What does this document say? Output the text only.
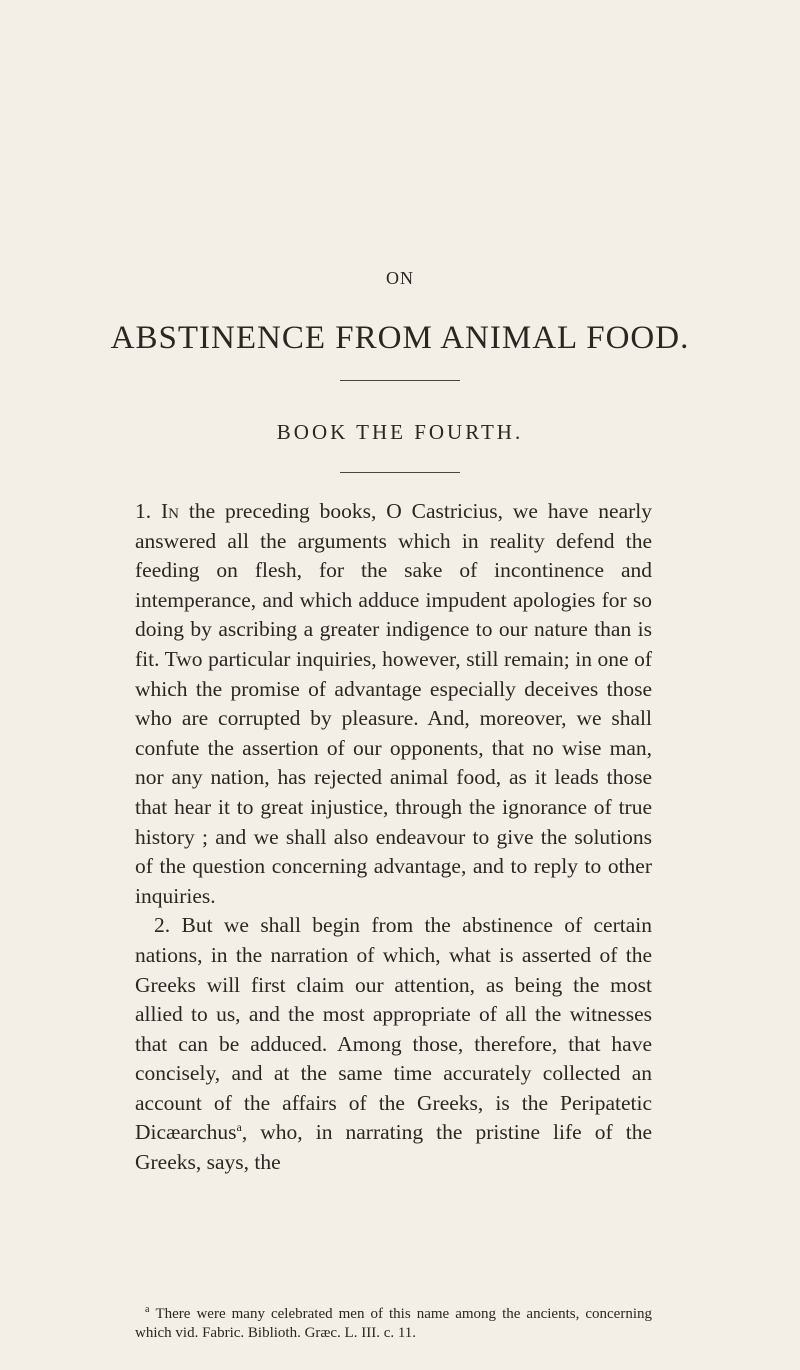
ON
ABSTINENCE FROM ANIMAL FOOD.
BOOK THE FOURTH.

1. In the preceding books, O Castricius, we have nearly answered all the arguments which in reality defend the feeding on flesh, for the sake of incontinence and intemperance, and which adduce impudent apologies for so doing by ascribing a greater indigence to our nature than is fit. Two particular inquiries, however, still remain; in one of which the promise of advantage especially deceives those who are corrupted by pleasure. And, moreover, we shall confute the assertion of our opponents, that no wise man, nor any nation, has rejected animal food, as it leads those that hear it to great injustice, through the ignorance of true history ; and we shall also endeavour to give the solutions of the question concerning advantage, and to reply to other inquiries.

2. But we shall begin from the abstinence of certain nations, in the narration of which, what is asserted of the Greeks will first claim our attention, as being the most allied to us, and the most appropriate of all the witnesses that can be adduced. Among those, therefore, that have concisely, and at the same time accurately collected an account of the affairs of the Greeks, is the Peripatetic Dicæarchus$^a$, who, in narrating the pristine life of the Greeks, says, the

$^a$ There were many celebrated men of this name among the ancients, concerning which vid. Fabric. Biblioth. Græc. L. III. c. 11.
